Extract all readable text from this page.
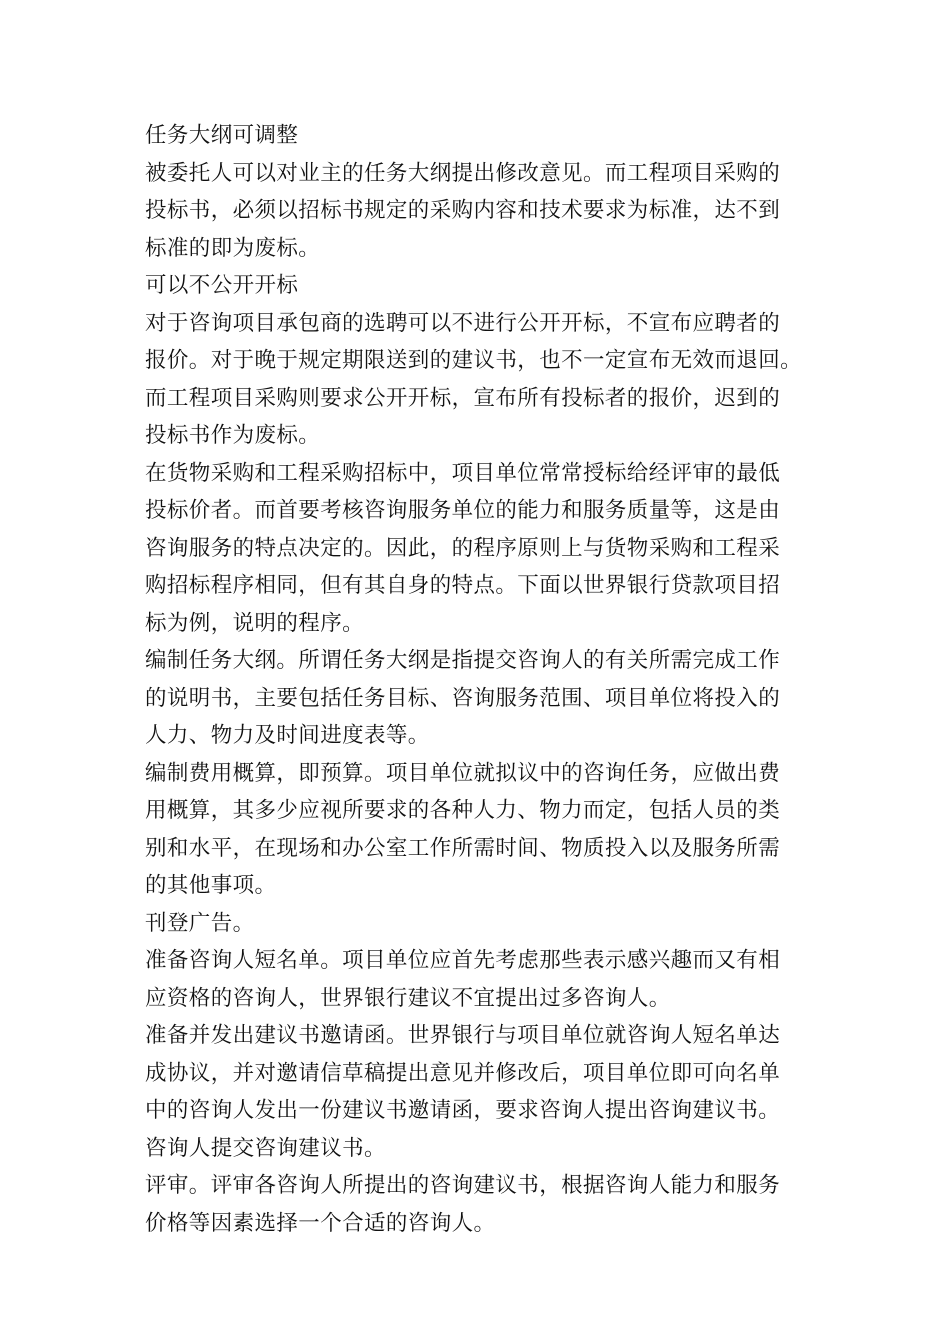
任务大纲可调整
被委托人可以对业主的任务大纲提出修改意见。而工程项目采购的
投标书，必须以招标书规定的采购内容和技术要求为标准，达不到
标准的即为废标。
可以不公开开标
对于咨询项目承包商的选聘可以不进行公开开标，不宣布应聘者的
报价。对于晚于规定期限送到的建议书，也不一定宣布无效而退回。
而工程项目采购则要求公开开标，宣布所有投标者的报价，迟到的
投标书作为废标。
在货物采购和工程采购招标中，项目单位常常授标给经评审的最低
投标价者。而首要考核咨询服务单位的能力和服务质量等，这是由
咨询服务的特点决定的。因此，的程序原则上与货物采购和工程采
购招标程序相同，但有其自身的特点。下面以世界银行贷款项目招
标为例，说明的程序。
编制任务大纲。所谓任务大纲是指提交咨询人的有关所需完成工作
的说明书，主要包括任务目标、咨询服务范围、项目单位将投入的
人力、物力及时间进度表等。
编制费用概算，即预算。项目单位就拟议中的咨询任务，应做出费
用概算，其多少应视所要求的各种人力、物力而定，包括人员的类
别和水平，在现场和办公室工作所需时间、物质投入以及服务所需
的其他事项。
刊登广告。
准备咨询人短名单。项目单位应首先考虑那些表示感兴趣而又有相
应资格的咨询人，世界银行建议不宜提出过多咨询人。
准备并发出建议书邀请函。世界银行与项目单位就咨询人短名单达
成协议，并对邀请信草稿提出意见并修改后，项目单位即可向名单
中的咨询人发出一份建议书邀请函，要求咨询人提出咨询建议书。
咨询人提交咨询建议书。
评审。评审各咨询人所提出的咨询建议书，根据咨询人能力和服务
价格等因素选择一个合适的咨询人。
